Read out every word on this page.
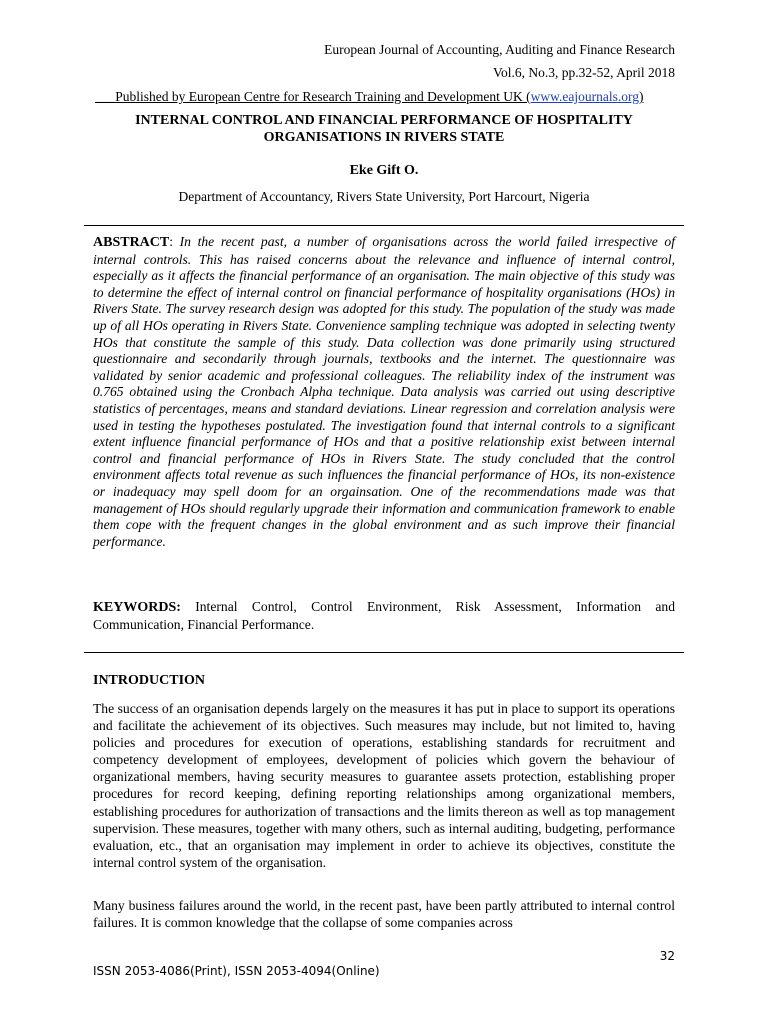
European Journal of Accounting, Auditing and Finance Research
Vol.6, No.3, pp.32-52, April 2018
___Published by European Centre for Research Training and Development UK (www.eajournals.org)
INTERNAL CONTROL AND FINANCIAL PERFORMANCE OF HOSPITALITY ORGANISATIONS IN RIVERS STATE
Eke Gift O.
Department of Accountancy, Rivers State University, Port Harcourt, Nigeria
ABSTRACT: In the recent past, a number of organisations across the world failed irrespective of internal controls. This has raised concerns about the relevance and influence of internal control, especially as it affects the financial performance of an organisation. The main objective of this study was to determine the effect of internal control on financial performance of hospitality organisations (HOs) in Rivers State. The survey research design was adopted for this study. The population of the study was made up of all HOs operating in Rivers State. Convenience sampling technique was adopted in selecting twenty HOs that constitute the sample of this study. Data collection was done primarily using structured questionnaire and secondarily through journals, textbooks and the internet. The questionnaire was validated by senior academic and professional colleagues. The reliability index of the instrument was 0.765 obtained using the Cronbach Alpha technique. Data analysis was carried out using descriptive statistics of percentages, means and standard deviations. Linear regression and correlation analysis were used in testing the hypotheses postulated. The investigation found that internal controls to a significant extent influence financial performance of HOs and that a positive relationship exist between internal control and financial performance of HOs in Rivers State. The study concluded that the control environment affects total revenue as such influences the financial performance of HOs, its non-existence or inadequacy may spell doom for an orgainsation. One of the recommendations made was that management of HOs should regularly upgrade their information and communication framework to enable them cope with the frequent changes in the global environment and as such improve their financial performance.
KEYWORDS: Internal Control, Control Environment, Risk Assessment, Information and Communication, Financial Performance.
INTRODUCTION
The success of an organisation depends largely on the measures it has put in place to support its operations and facilitate the achievement of its objectives. Such measures may include, but not limited to, having policies and procedures for execution of operations, establishing standards for recruitment and competency development of employees, development of policies which govern the behaviour of organizational members, having security measures to guarantee assets protection, establishing proper procedures for record keeping, defining reporting relationships among organizational members, establishing procedures for authorization of transactions and the limits thereon as well as top management supervision. These measures, together with many others, such as internal auditing, budgeting, performance evaluation, etc., that an organisation may implement in order to achieve its objectives, constitute the internal control system of the organisation.
Many business failures around the world, in the recent past, have been partly attributed to internal control failures. It is common knowledge that the collapse of some companies across
32
ISSN 2053-4086(Print), ISSN 2053-4094(Online)
